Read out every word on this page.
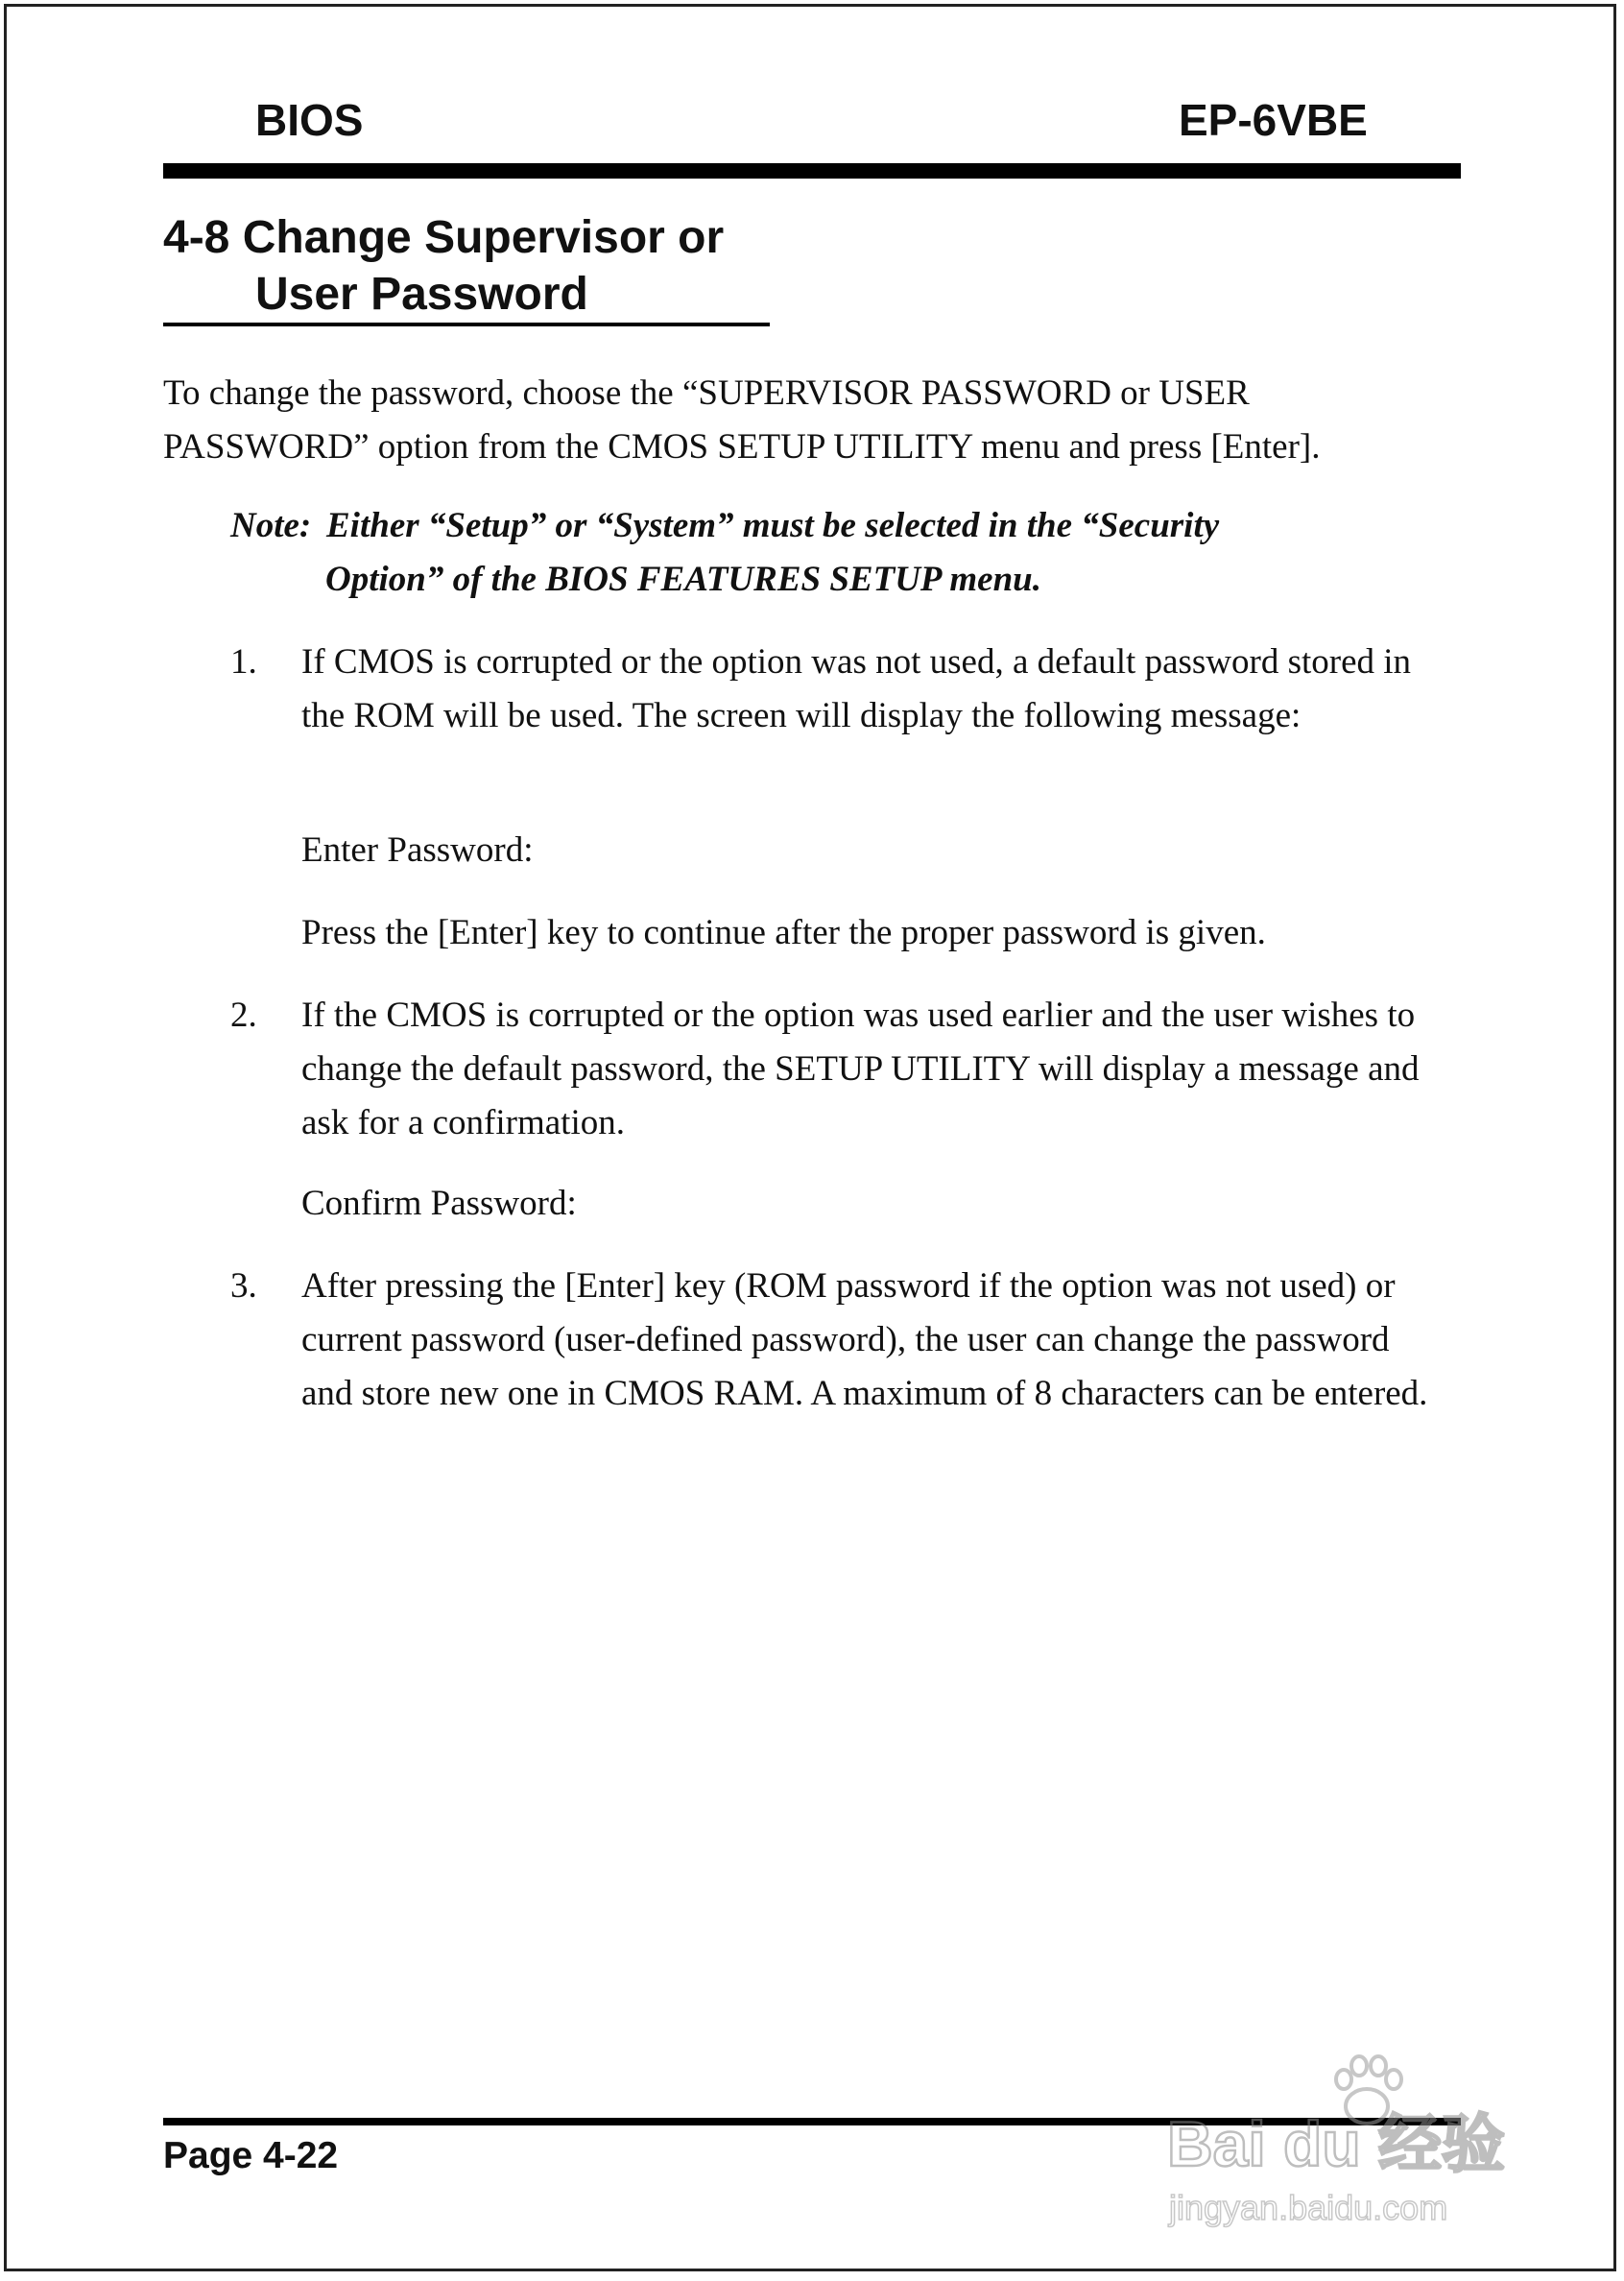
BIOS	EP-6VBE
4-8 Change Supervisor or
User Password

To change the password, choose the “SUPERVISOR PASSWORD or USER PASSWORD” option from the CMOS SETUP UTILITY menu and press [Enter].

Note: Either “Setup” or “System” must be selected in the “Security
Option” of the BIOS FEATURES SETUP menu.
1. If CMOS is corrupted or the option was not used, a default password stored in the ROM will be used. The screen will display the following message:

Enter Password:

Press the [Enter] key to continue after the proper password is given.

2. If the CMOS is corrupted or the option was used earlier and the user wishes to change the default password, the SETUP UTILITY will display a message and ask for a confirmation.

Confirm Password:

3. After pressing the [Enter] key (ROM password if the option was not used) or current password (user-defined password), the user can change the password and store new one in CMOS RAM. A maximum of 8 characters can be entered.

Page 4-22	Bai du 经验
jingyan.baidu.com
